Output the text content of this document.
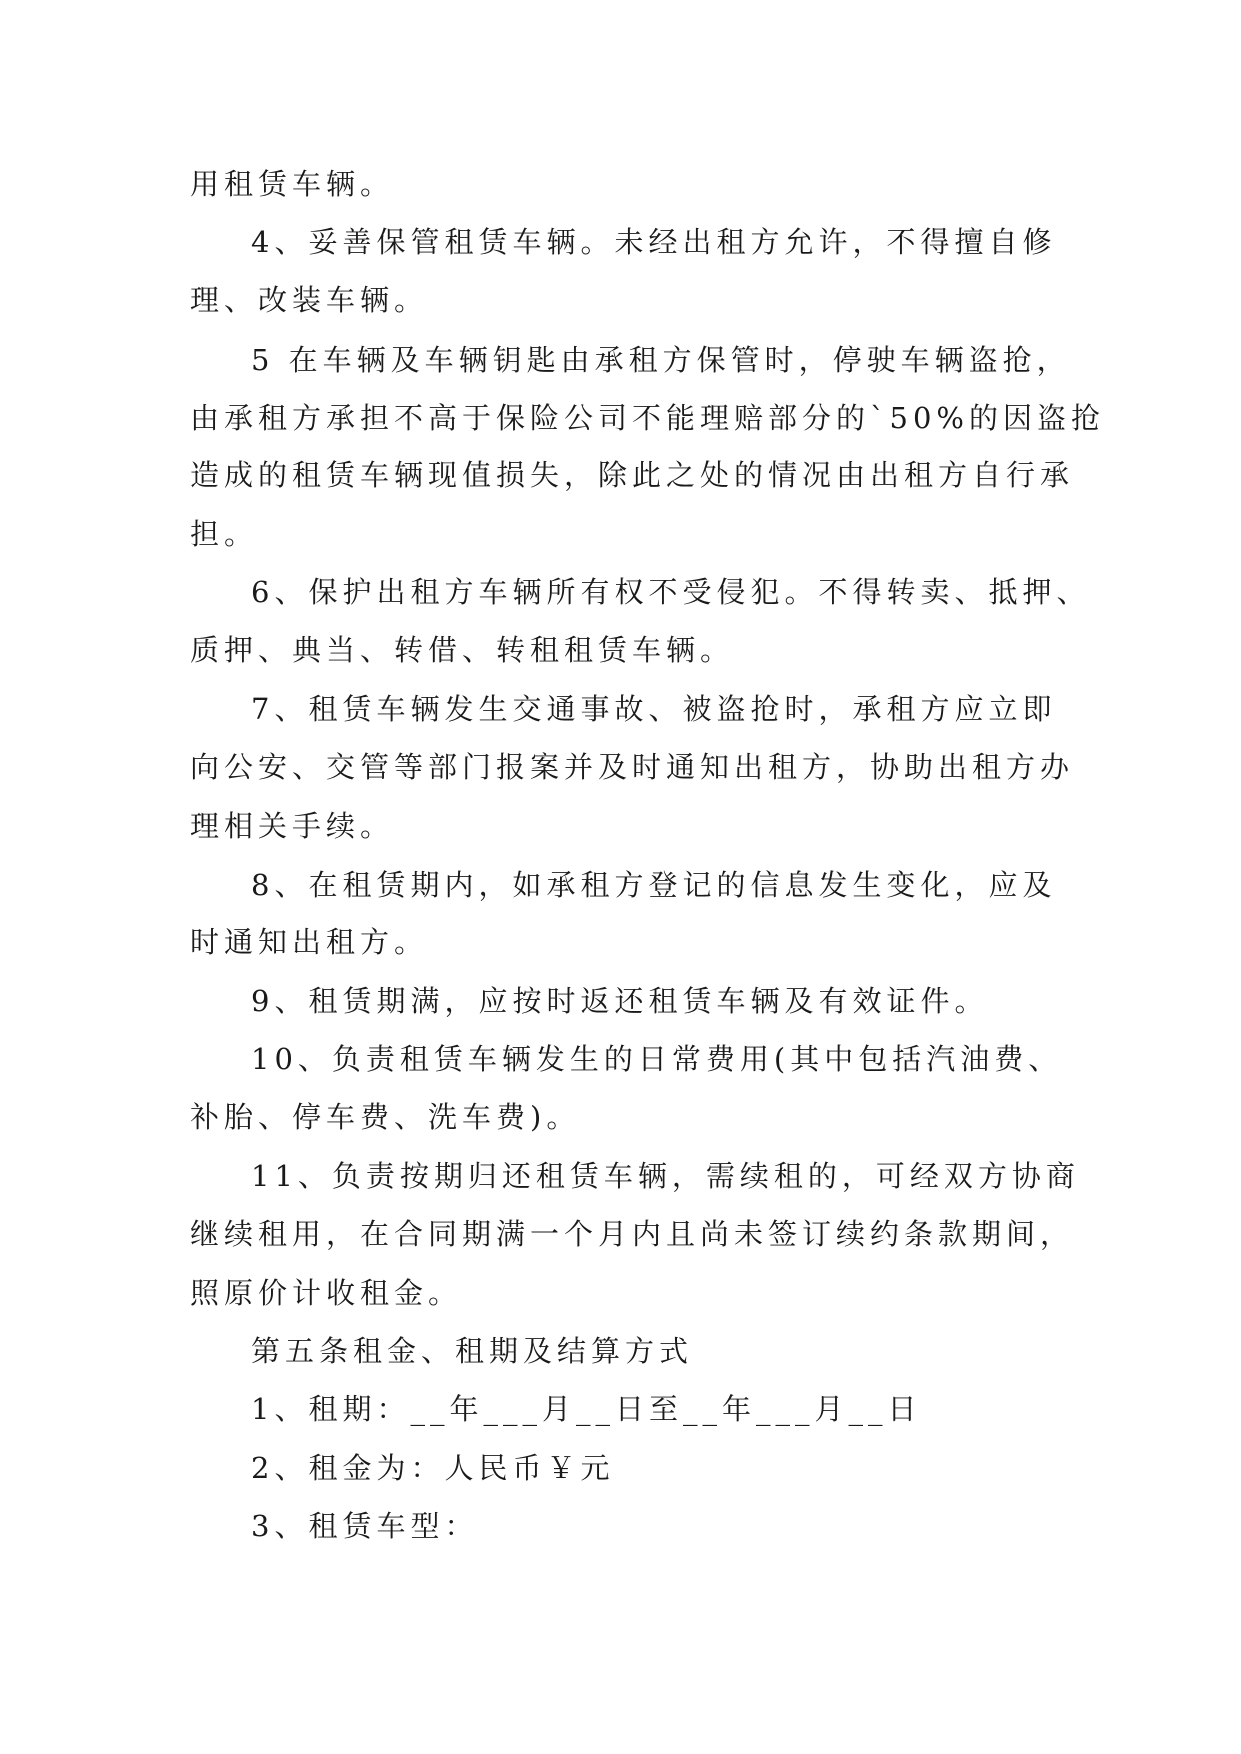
用租赁车辆。

4、妥善保管租赁车辆。未经出租方允许，不得擅自修

理、改装车辆。

5 在车辆及车辆钥匙由承租方保管时，停驶车辆盗抢，

由承租方承担不高于保险公司不能理赔部分的`50%的因盗抢

造成的租赁车辆现值损失，除此之处的情况由出租方自行承

担。

6、保护出租方车辆所有权不受侵犯。不得转卖、抵押、

质押、典当、转借、转租租赁车辆。

7、租赁车辆发生交通事故、被盗抢时，承租方应立即

向公安、交管等部门报案并及时通知出租方，协助出租方办

理相关手续。

8、在租赁期内，如承租方登记的信息发生变化，应及

时通知出租方。

9、租赁期满，应按时返还租赁车辆及有效证件。

10、负责租赁车辆发生的日常费用(其中包括汽油费、

补胎、停车费、洗车费)。

11、负责按期归还租赁车辆，需续租的，可经双方协商

继续租用，在合同期满一个月内且尚未签订续约条款期间，

照原价计收租金。

第五条租金、租期及结算方式

1、租期：__年___月__日至__年___月__日

2、租金为：人民币￥元

3、租赁车型：
